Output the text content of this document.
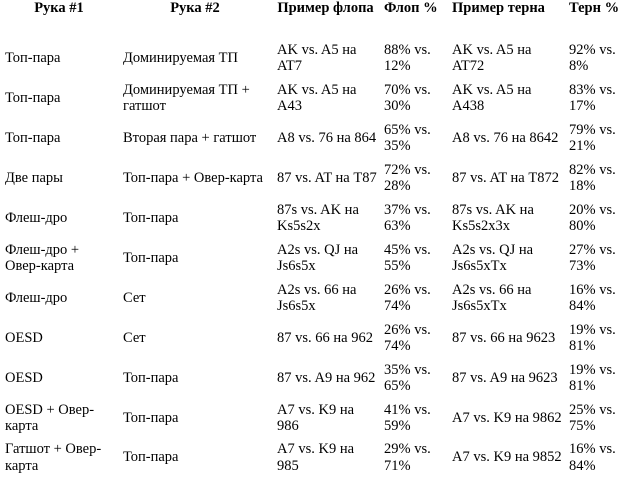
Рука #1	Рука #2	Пример флопа	Флоп %	Пример терна	Терн %
Топ-пара	Доминируемая ТП	AK vs. A5 на AT7	88% vs. 12%	AK vs. A5 на AT72	92% vs. 8%
Топ-пара	Доминируемая ТП + гатшот	AK vs. A5 на A43	70% vs. 30%	AK vs. A5 на A438	83% vs. 17%
Топ-пара	Вторая пара + гатшот	A8 vs. 76 на 864	65% vs. 35%	A8 vs. 76 на 8642	79% vs. 21%
Две пары	Топ-пара + Овер-карта	87 vs. AT на T87	72% vs. 28%	87 vs. AT на T872	82% vs. 18%
Флеш-дро	Топ-пара	87s vs. AK на Ks5s2x	37% vs. 63%	87s vs. AK на Ks5s2x3x	20% vs. 80%
Флеш-дро + Овер-карта	Топ-пара	A2s vs. QJ на Js6s5x	45% vs. 55%	A2s vs. QJ на Js6s5xTx	27% vs. 73%
Флеш-дро	Сет	A2s vs. 66 на Js6s5x	26% vs. 74%	A2s vs. 66 на Js6s5xTx	16% vs. 84%
OESD	Сет	87 vs. 66 на 962	26% vs. 74%	87 vs. 66 на 9623	19% vs. 81%
OESD	Топ-пара	87 vs. A9 на 962	35% vs. 65%	87 vs. A9 на 9623	19% vs. 81%
OESD + Овер-карта	Топ-пара	A7 vs. K9 на 986	41% vs. 59%	A7 vs. K9 на 9862	25% vs. 75%
Гатшот + Овер-карта	Топ-пара	A7 vs. K9 на 985	29% vs. 71%	A7 vs. K9 на 9852	16% vs. 84%
